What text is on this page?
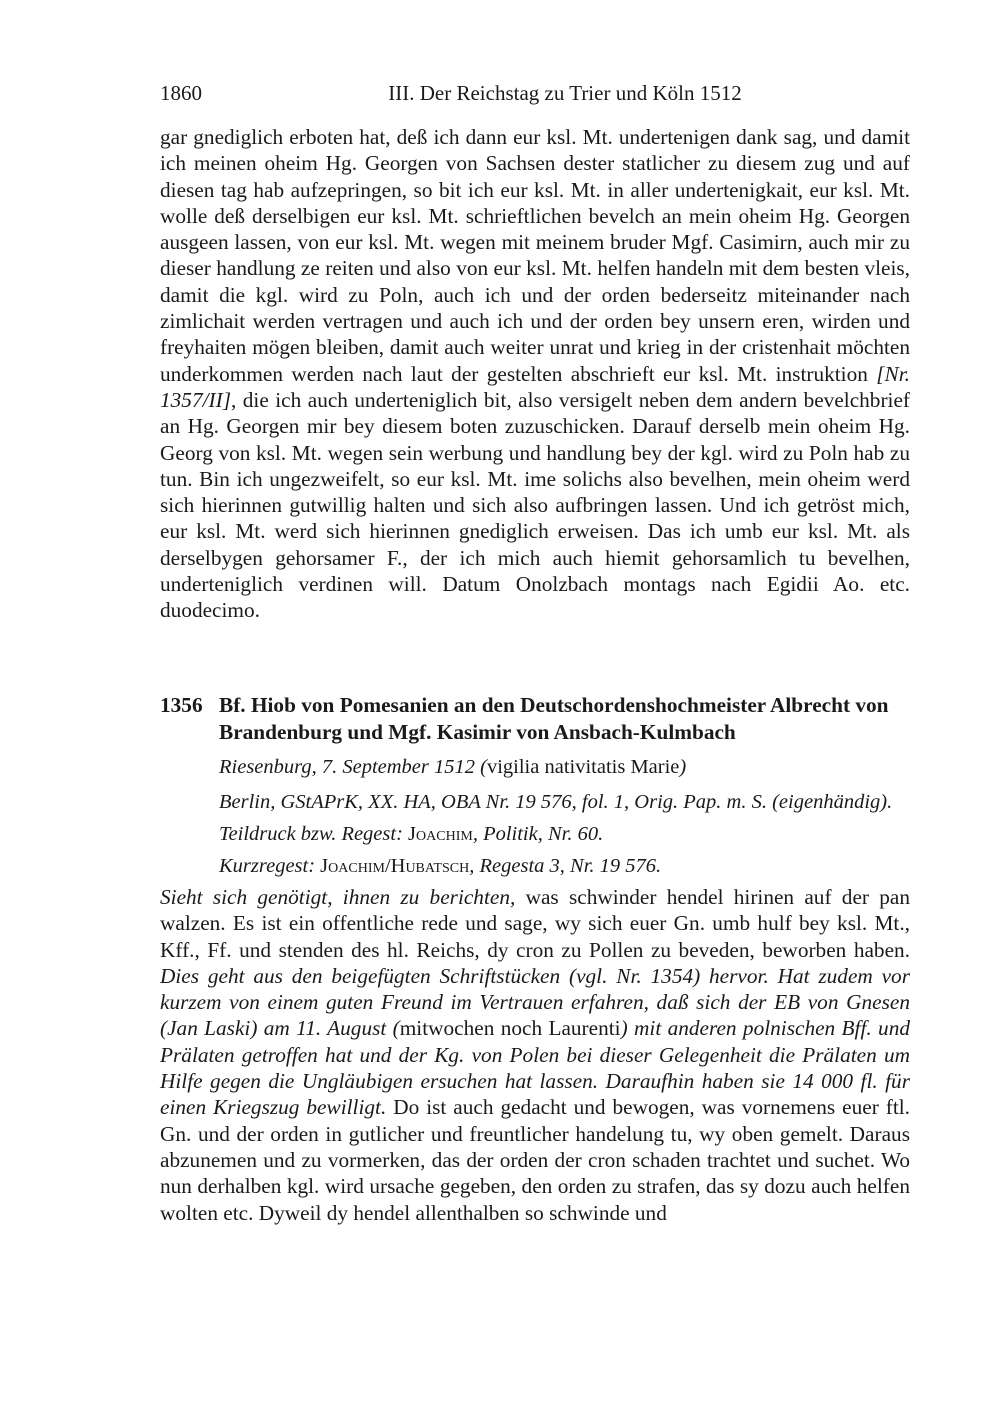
1860	III. Der Reichstag zu Trier und Köln 1512

gar gnediglich erboten hat, deß ich dann eur ksl. Mt. undertenigen dank sag, und damit ich meinen oheim Hg. Georgen von Sachsen dester statlicher zu diesem zug und auf diesen tag hab aufzepringen, so bit ich eur ksl. Mt. in aller undertenigkait, eur ksl. Mt. wolle deß derselbigen eur ksl. Mt. schrieftlichen bevelch an mein oheim Hg. Georgen ausgeen lassen, von eur ksl. Mt. wegen mit meinem bruder Mgf. Casimirn, auch mir zu dieser handlung ze reiten und also von eur ksl. Mt. helfen handeln mit dem besten vleis, damit die kgl. wird zu Poln, auch ich und der orden bederseitz miteinander nach zimlichait werden vertragen und auch ich und der orden bey unsern eren, wirden und freyhaiten mögen bleiben, damit auch weiter unrat und krieg in der cristenhait möchten underkommen werden nach laut der gestelten abschrieft eur ksl. Mt. instruktion [Nr. 1357/II], die ich auch underteniglich bit, also versigelt neben dem andern bevelchbrief an Hg. Georgen mir bey diesem boten zuzuschicken. Darauf derselb mein oheim Hg. Georg von ksl. Mt. wegen sein werbung und handlung bey der kgl. wird zu Poln hab zu tun. Bin ich ungezweifelt, so eur ksl. Mt. ime solichs also bevelhen, mein oheim werd sich hierinnen gutwillig halten und sich also aufbringen lassen. Und ich getröst mich, eur ksl. Mt. werd sich hierinnen gnediglich erweisen. Das ich umb eur ksl. Mt. als derselbygen gehorsamer F., der ich mich auch hiemit gehorsamlich tu bevelhen, underteniglich verdinen will. Datum Onolzbach montags nach Egidii Ao. etc. duodecimo.

1356 Bf. Hiob von Pomesanien an den Deutschordenshochmeister Albrecht von Brandenburg und Mgf. Kasimir von Ansbach-Kulmbach
Riesenburg, 7. September 1512 (vigilia nativitatis Marie)
Berlin, GStAPrK, XX. HA, OBA Nr. 19 576, fol. 1, Orig. Pap. m. S. (eigenhändig).
Teildruck bzw. Regest: Joachim, Politik, Nr. 60.
Kurzregest: Joachim/Hubatsch, Regesta 3, Nr. 19 576.

Sieht sich genötigt, ihnen zu berichten, was schwinder hendel hirinen auf der pan walzen. Es ist ein offentliche rede und sage, wy sich euer Gn. umb hulf bey ksl. Mt., Kff., Ff. und stenden des hl. Reichs, dy cron zu Pollen zu beveden, beworben haben. Dies geht aus den beigefügten Schriftstücken (vgl. Nr. 1354) hervor. Hat zudem vor kurzem von einem guten Freund im Vertrauen erfahren, daß sich der EB von Gnesen (Jan Laski) am 11. August (mitwochen noch Laurenti) mit anderen polnischen Bff. und Prälaten getroffen hat und der Kg. von Polen bei dieser Gelegenheit die Prälaten um Hilfe gegen die Ungläubigen ersuchen hat lassen. Daraufhin haben sie 14 000 fl. für einen Kriegszug bewilligt. Do ist auch gedacht und bewogen, was vornemens euer ftl. Gn. und der orden in gutlicher und freuntlicher handelung tu, wy oben gemelt. Daraus abzunemen und zu vormerken, das der orden der cron schaden trachtet und suchet. Wo nun derhalben kgl. wird ursache gegeben, den orden zu strafen, das sy dozu auch helfen wolten etc. Dyweil dy hendel allenthalben so schwinde und
